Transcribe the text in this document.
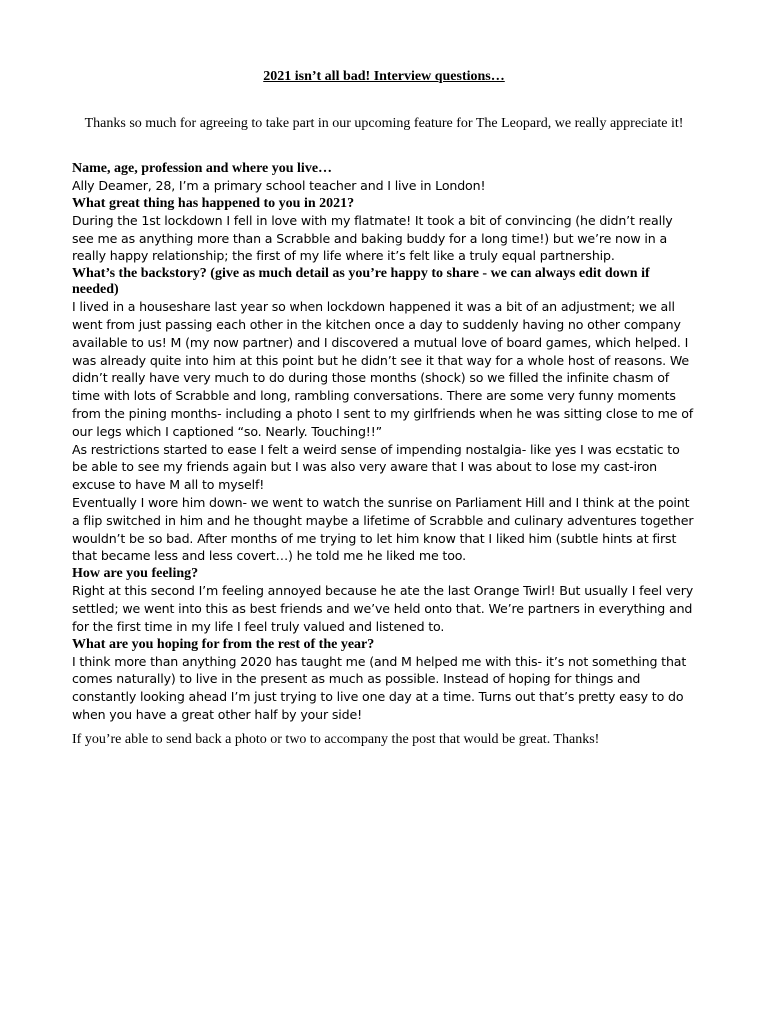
2021 isn’t all bad! Interview questions…

Thanks so much for agreeing to take part in our upcoming feature for The Leopard, we really appreciate it!

Name, age, profession and where you live…

Ally Deamer, 28, I’m a primary school teacher and I live in London!

What great thing has happened to you in 2021?

During the 1st lockdown I fell in love with my flatmate! It took a bit of convincing (he didn’t really see me as anything more than a Scrabble and baking buddy for a long time!) but we’re now in a really happy relationship; the first of my life where it’s felt like a truly equal partnership.

What’s the backstory? (give as much detail as you’re happy to share - we can always edit down if needed)

I lived in a houseshare last year so when lockdown happened it was a bit of an adjustment; we all went from just passing each other in the kitchen once a day to suddenly having no other company available to us! M (my now partner) and I discovered a mutual love of board games, which helped. I was already quite into him at this point but he didn’t see it that way for a whole host of reasons. We didn’t really have very much to do during those months (shock) so we filled the infinite chasm of time with lots of Scrabble and long, rambling conversations. There are some very funny moments from the pining months- including a photo I sent to my girlfriends when he was sitting close to me of our legs which I captioned “so. Nearly. Touching!!”

As restrictions started to ease I felt a weird sense of impending nostalgia- like yes I was ecstatic to be able to see my friends again but I was also very aware that I was about to lose my cast-iron excuse to have M all to myself!

Eventually I wore him down- we went to watch the sunrise on Parliament Hill and I think at the point a flip switched in him and he thought maybe a lifetime of Scrabble and culinary adventures together wouldn’t be so bad. After months of me trying to let him know that I liked him (subtle hints at first that became less and less covert…) he told me he liked me too.

How are you feeling?

Right at this second I’m feeling annoyed because he ate the last Orange Twirl! But usually I feel very settled; we went into this as best friends and we’ve held onto that. We’re partners in everything and for the first time in my life I feel truly valued and listened to.

What are you hoping for from the rest of the year?

I think more than anything 2020 has taught me (and M helped me with this- it’s not something that comes naturally) to live in the present as much as possible. Instead of hoping for things and constantly looking ahead I’m just trying to live one day at a time. Turns out that’s pretty easy to do when you have a great other half by your side!

If you’re able to send back a photo or two to accompany the post that would be great. Thanks!
